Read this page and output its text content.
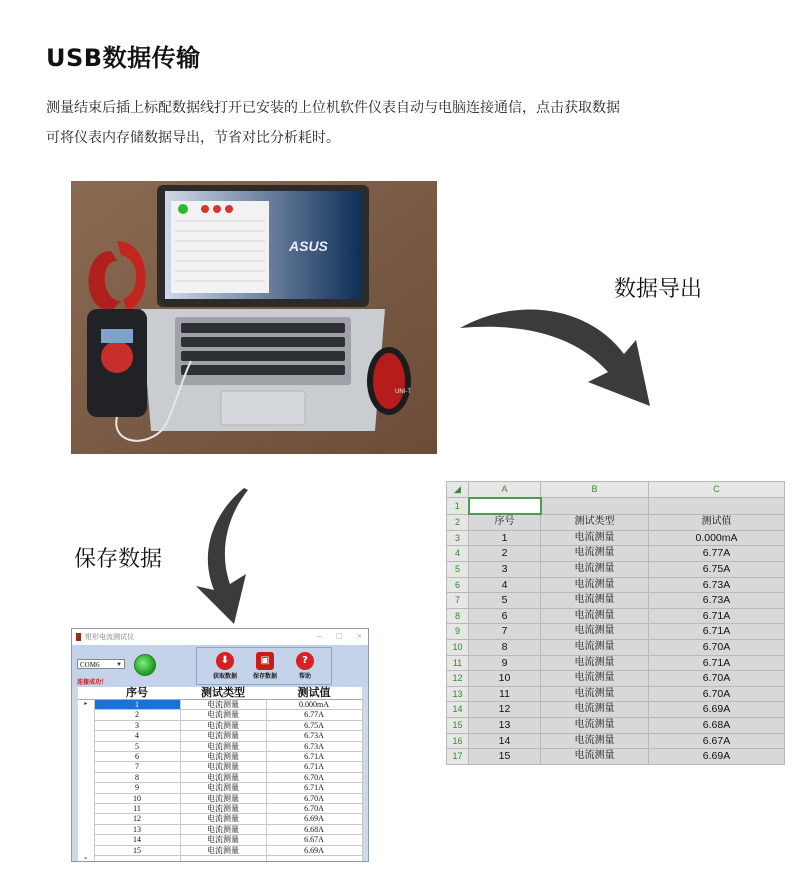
USB数据传输
测量结束后插上标配数据线打开已安装的上位机软件仪表自动与电脑连接通信，点击获取数据
可将仪表内存储数据导出，节省对比分析耗时。
ASUS
UNI-T
数据导出
◢	A	B	C
1			
2	序号	测试类型	测试值
3	1	电流测量	0.000mA
4	2	电流测量	6.77A
5	3	电流测量	6.75A
6	4	电流测量	6.73A
7	5	电流测量	6.73A
8	6	电流测量	6.71A
9	7	电流测量	6.71A
10	8	电流测量	6.70A
11	9	电流测量	6.71A
12	10	电流测量	6.70A
13	11	电流测量	6.70A
14	12	电流测量	6.69A
15	13	电流测量	6.68A
16	14	电流测量	6.67A
17	15	电流测量	6.69A
保存数据
钳形电流测试仪	– □ ×
COM6	▼
连接成功！
⬇
获取数据
▣
保存数据
?
帮助
	序号	测试类型	测试值
▸	1	电流测量	0.000mA
	2	电流测量	6.77A
	3	电流测量	6.75A
	4	电流测量	6.73A
	5	电流测量	6.73A
	6	电流测量	6.71A
	7	电流测量	6.71A
	8	电流测量	6.70A
	9	电流测量	6.71A
	10	电流测量	6.70A
	11	电流测量	6.70A
	12	电流测量	6.69A
	13	电流测量	6.68A
	14	电流测量	6.67A
	15	电流测量	6.69A
*			
